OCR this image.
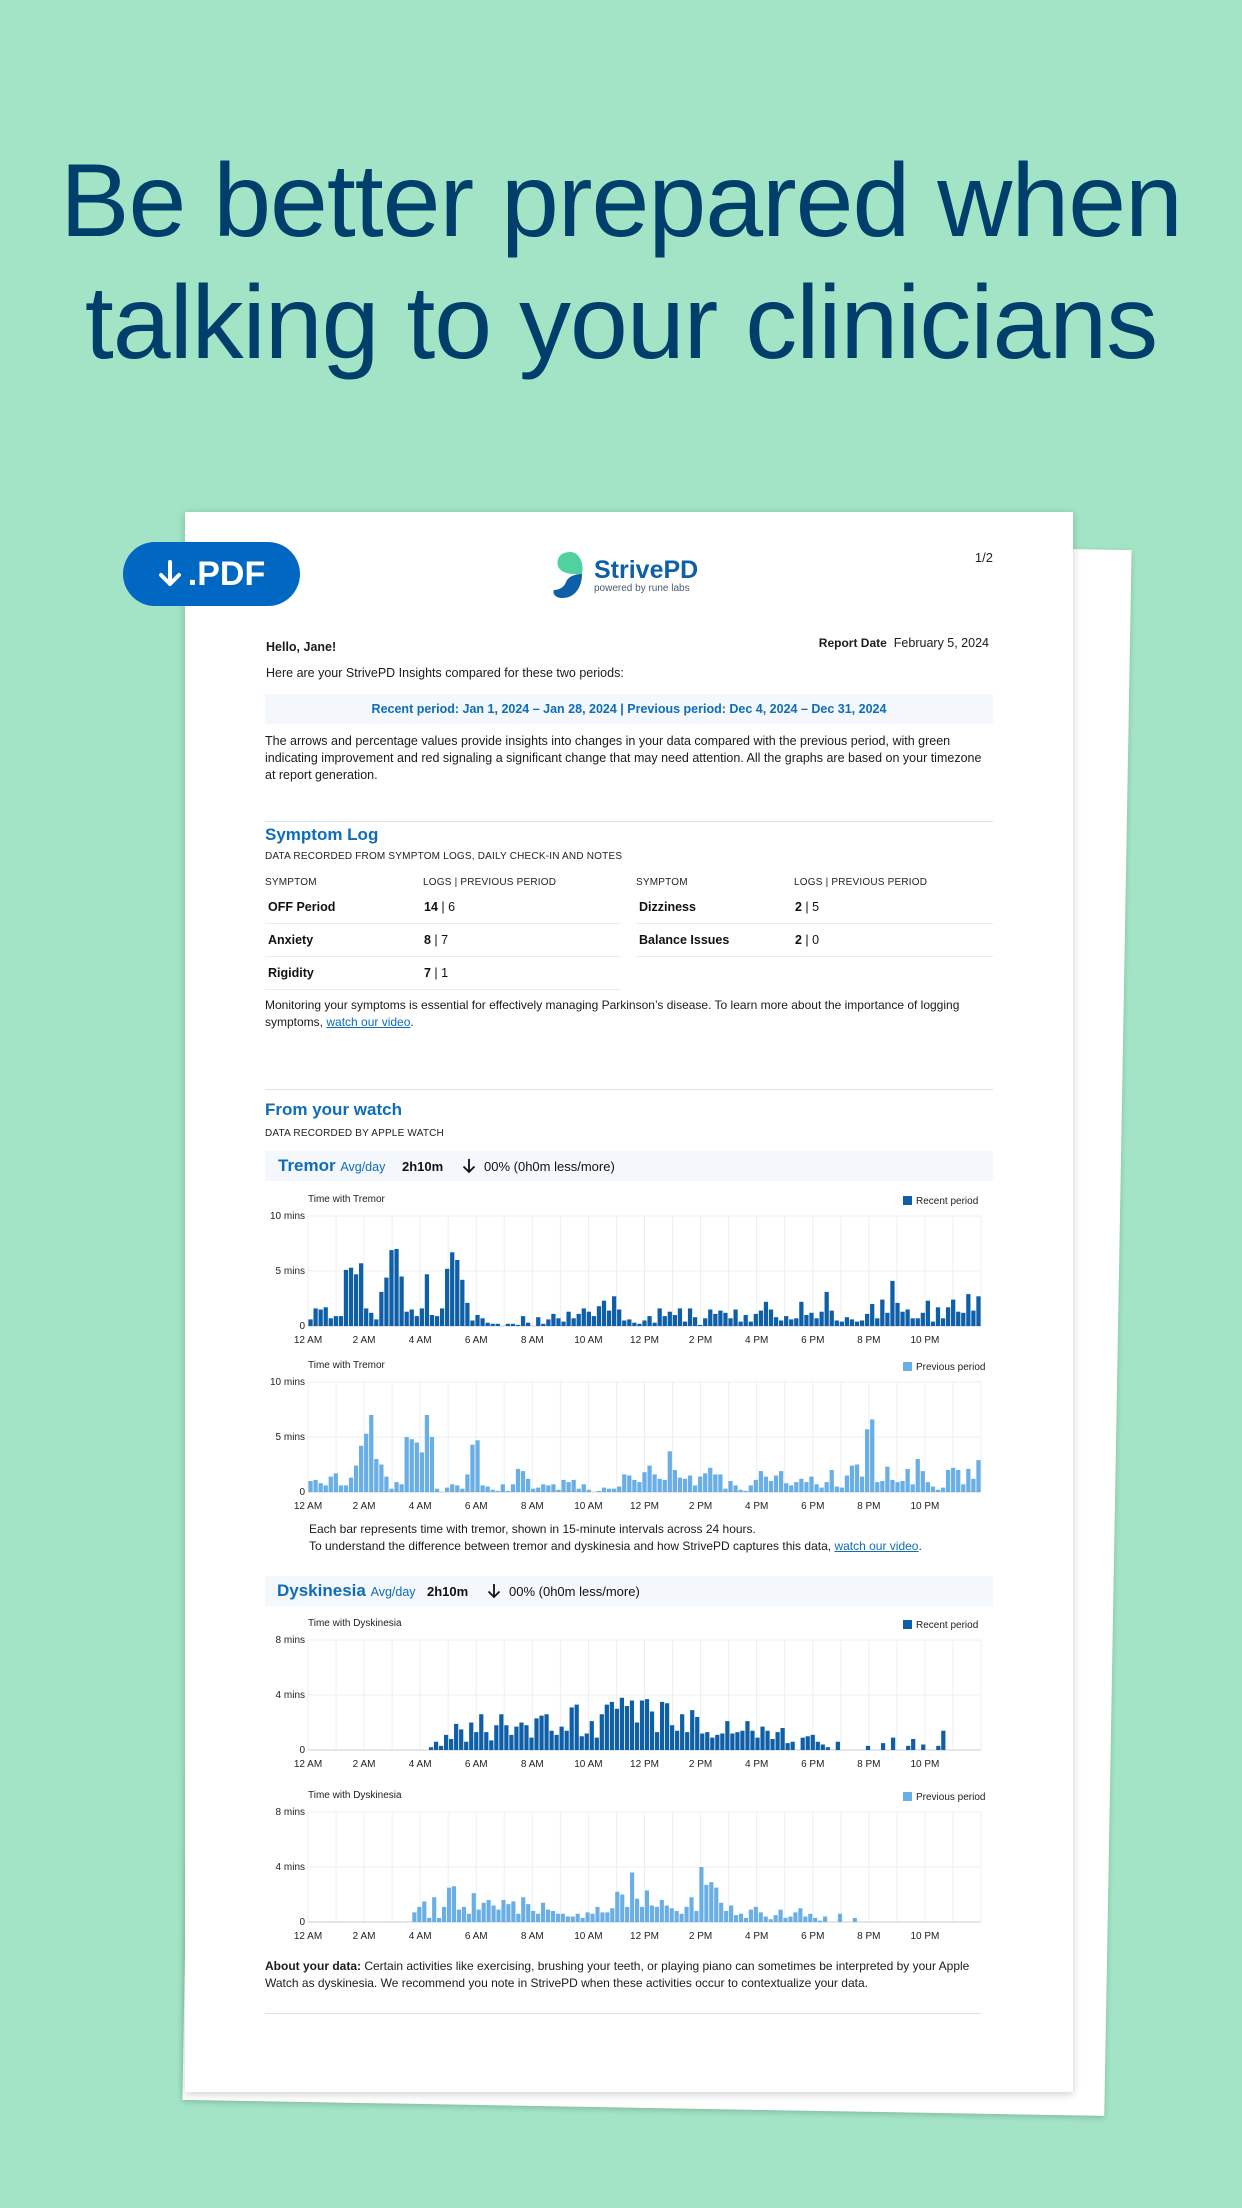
Be better prepared when talking to your clinicians
StrivePD
powered by rune labs
1/2
Hello, Jane!	Report Date February 5, 2024
Here are your StrivePD Insights compared for these two periods:
Recent period: Jan 1, 2024 – Jan 28, 2024 | Previous period: Dec 4, 2024 – Dec 31, 2024
The arrows and percentage values provide insights into changes in your data compared with the previous period, with green indicating improvement and red signaling a significant change that may need attention. All the graphs are based on your timezone at report generation.
Symptom Log
DATA RECORDED FROM SYMPTOM LOGS, DAILY CHECK-IN AND NOTES
SYMPTOM	LOGS | PREVIOUS PERIOD
OFF Period	14 | 6
Anxiety	8 | 7
Rigidity	7 | 1
SYMPTOM	LOGS | PREVIOUS PERIOD
Dizziness	2 | 5
Balance Issues	2 | 0
Monitoring your symptoms is essential for effectively managing Parkinson’s disease. To learn more about the importance of logging symptoms, watch our video.
From your watch
DATA RECORDED BY APPLE WATCH
Tremor Avg/day 2h10m	00% (0h0m less/more)
0
5 mins
10 mins
12 AM	2 AM	4 AM	6 AM	8 AM	10 AM	12 PM	2 PM	4 PM	6 PM	8 PM	10 PM
Time with Tremor	Recent period
0
5 mins
10 mins
12 AM	2 AM	4 AM	6 AM	8 AM	10 AM	12 PM	2 PM	4 PM	6 PM	8 PM	10 PM
Time with Tremor	Previous period
Each bar represents time with tremor, shown in 15-minute intervals across 24 hours.
To understand the difference between tremor and dyskinesia and how StrivePD captures this data, watch our video.
Dyskinesia Avg/day 2h10m	00% (0h0m less/more)
0
4 mins
8 mins
12 AM	2 AM	4 AM	6 AM	8 AM	10 AM	12 PM	2 PM	4 PM	6 PM	8 PM	10 PM
Time with Dyskinesia	Recent period
0
4 mins
8 mins
12 AM	2 AM	4 AM	6 AM	8 AM	10 AM	12 PM	2 PM	4 PM	6 PM	8 PM	10 PM
Time with Dyskinesia	Previous period
About your data: Certain activities like exercising, brushing your teeth, or playing piano can sometimes be interpreted by your Apple Watch as dyskinesia. We recommend you note in StrivePD when these activities occur to contextualize your data.
.PDF
